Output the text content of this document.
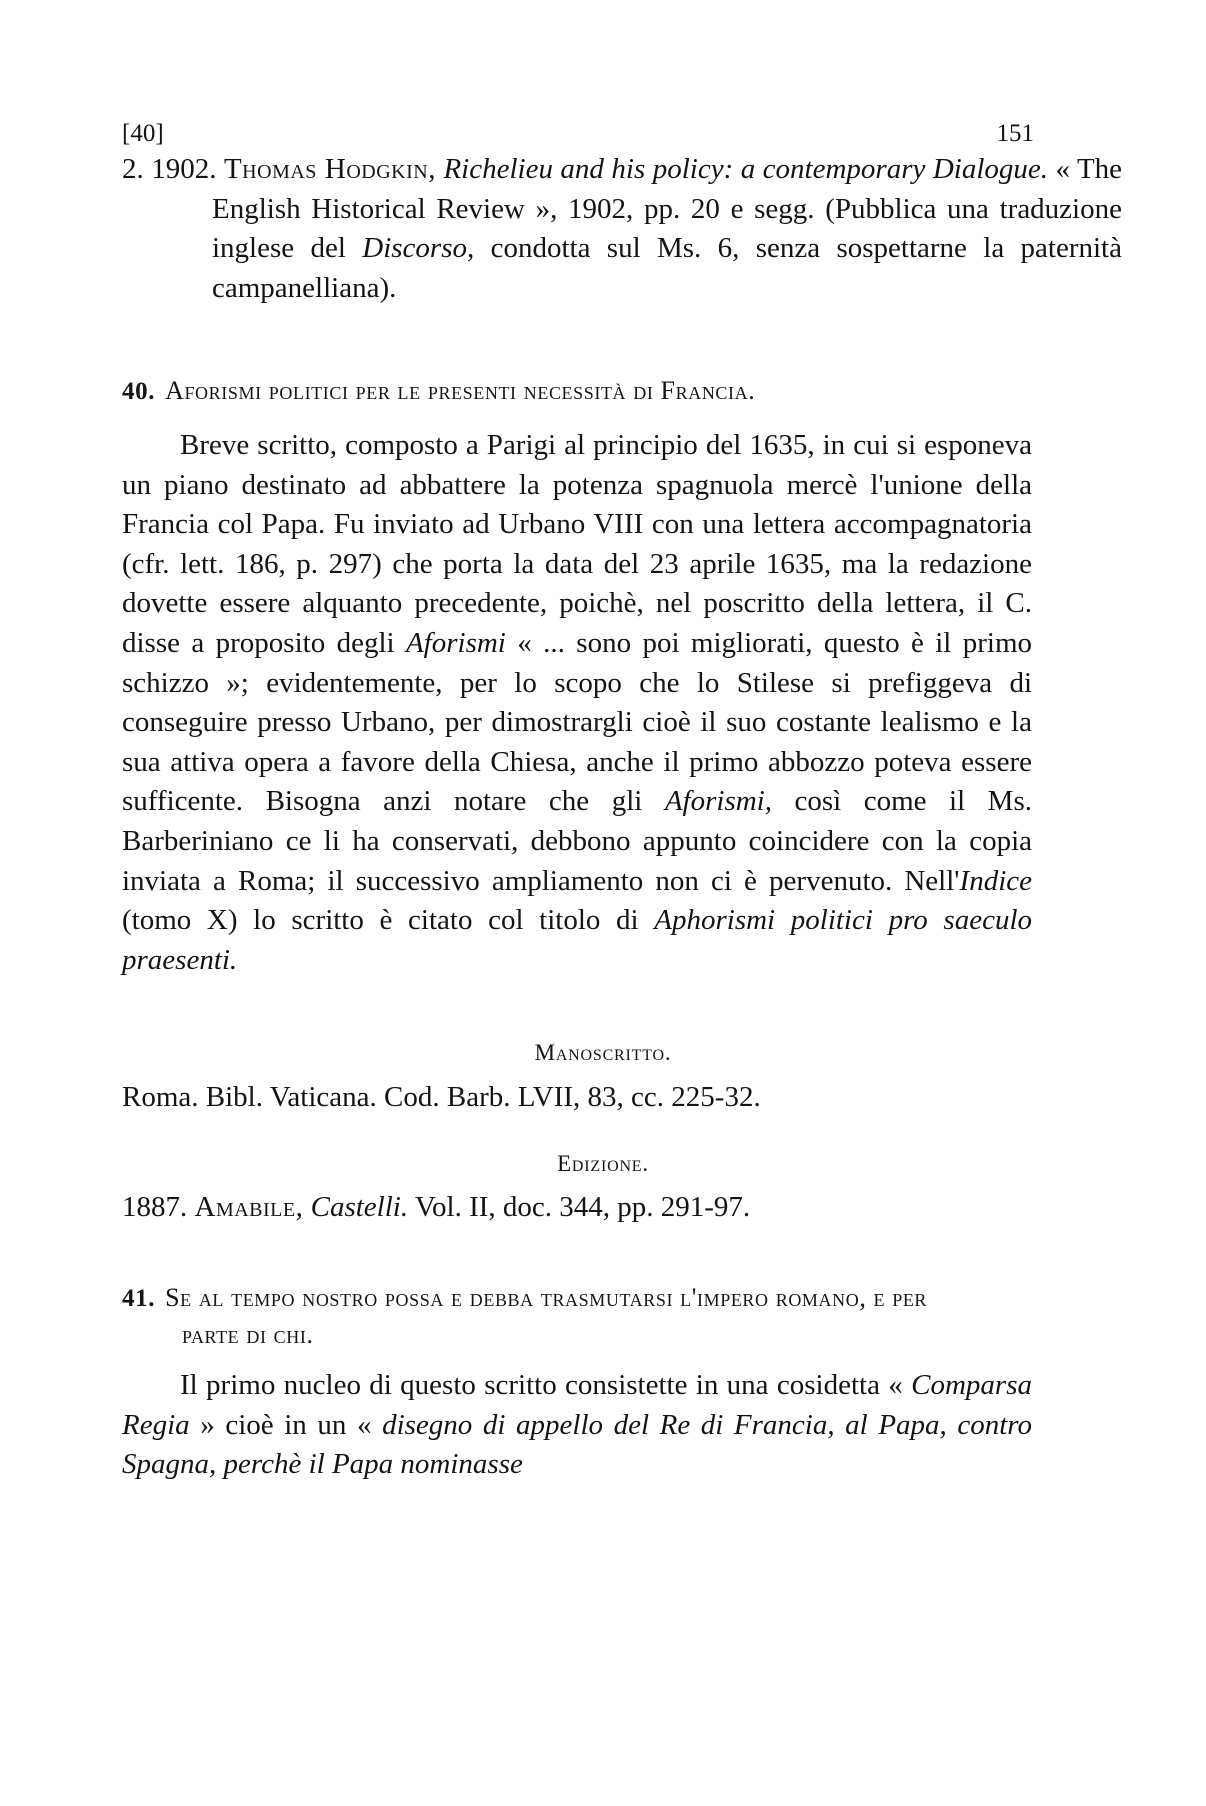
[40]	151
2. 1902. Thomas Hodgkin, Richelieu and his policy: a contemporary Dialogue. « The English Historical Review », 1902, pp. 20 e segg. (Pubblica una traduzione inglese del Discorso, condotta sul Ms. 6, senza sospettarne la paternità campanelliana).
40. Aforismi politici per le presenti necessità di Francia.
Breve scritto, composto a Parigi al principio del 1635, in cui si esponeva un piano destinato ad abbattere la potenza spagnuola mercè l'unione della Francia col Papa. Fu inviato ad Urbano VIII con una lettera accompagnatoria (cfr. lett. 186, p. 297) che porta la data del 23 aprile 1635, ma la redazione dovette essere alquanto precedente, poichè, nel poscritto della lettera, il C. disse a proposito degli Aforismi « ... sono poi migliorati, questo è il primo schizzo »; evidentemente, per lo scopo che lo Stilese si prefiggeva di conseguire presso Urbano, per dimostrargli cioè il suo costante lealismo e la sua attiva opera a favore della Chiesa, anche il primo abbozzo poteva essere sufficente. Bisogna anzi notare che gli Aforismi, così come il Ms. Barberiniano ce li ha conservati, debbono appunto coincidere con la copia inviata a Roma; il successivo ampliamento non ci è pervenuto. Nell'Indice (tomo X) lo scritto è citato col titolo di Aphorismi politici pro saeculo praesenti.
Manoscritto.
Roma. Bibl. Vaticana. Cod. Barb. LVII, 83, cc. 225-32.
Edizione.
1887. Amabile, Castelli. Vol. II, doc. 344, pp. 291-97.
41. Se al tempo nostro possa e debba trasmutarsi l'impero romano, e per parte di chi.
Il primo nucleo di questo scritto consistette in una cosidetta « Comparsa Regia » cioè in un « disegno di appello del Re di Francia, al Papa, contro Spagna, perchè il Papa nominasse
